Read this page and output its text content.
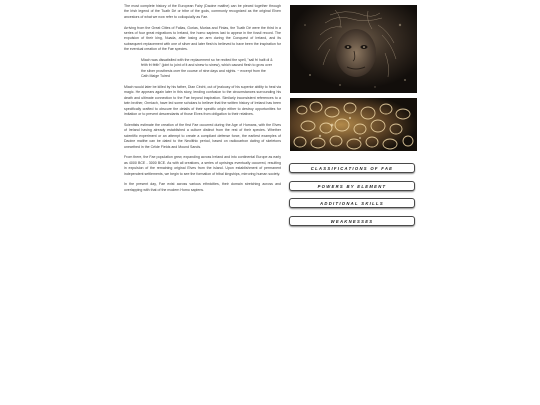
The most complete history of the European Fairy (Daoine maithe) can be pieced together through the Irish legend of the Tuath Dé or tribe of the gods, commonly recognized as the original Elven ancestors of what we now refer to colloquially as Fae.

Arriving from the Great Cities of Falias, Gorias, Murias and Finias, the Tuath Dé were the third in a series of four great migrations to Ireland, the homo sapiens last to appear in the fossil record. The expulsion of their king, Nuada, after losing an arm during the Conquest of Ireland, and its subsequent replacement with one of silver and later flesh is believed to have been the inspiration for the eventual creation of the Fae species.

Miach was dissatisfied with the replacement so he recited the spell, "sail fri hailt di & féith fri féith" (joint to joint of it and sinew to sinew), which caused flesh to grow over the silver prosthesis over the course of nine days and nights. ~ excerpt from the Cath Maige Tuired

Miach would later be killed by his father, Dian Cécht, out of jealousy of his superior ability to heal via magic. He appears again later in this story, lending confusion to the circumstances surrounding his death and ultimate connection to the Fae beyond inspiration. Similarly inconsistent references to a twin brother, Ormiach, have led some scholars to believe that the written history of Ireland has been specifically crafted to obscure the details of their specific origin either to destroy opportunities for imitation or to prevent descendants of those Elves from obligation to their relatives.

Scientists estimate the creation of the first Fae occurred during the Age of Humans, with the Elves of Ireland having already established a culture distinct from the rest of their species. Whether scientific experiment or an attempt to create a compliant defense force, the earliest examples of Daoine maithe can be dated to the Neolithic period, based on radiocarbon dating of skeletons unearthed in the Céide Fields and Mound Sands.

From there, the Fae population grew, expanding across Ireland and into continental Europe as early as 4000 BCE - 3000 BCE. As with all creations, a series of uprisings eventually occurred, resulting in expulsion of the remaining original Elves from the island. Upon establishment of permanent independent settlements, we begin to see the formation of tribal kingships, mirroring human society.

In the present day, Fae exist across various ethnicities, their domain stretching across and overlapping with that of the modern Homo sapiens.

CLASSIFICATIONS OF FAE
POWERS BY ELEMENT
ADDITIONAL SKILLS
WEAKNESSES
